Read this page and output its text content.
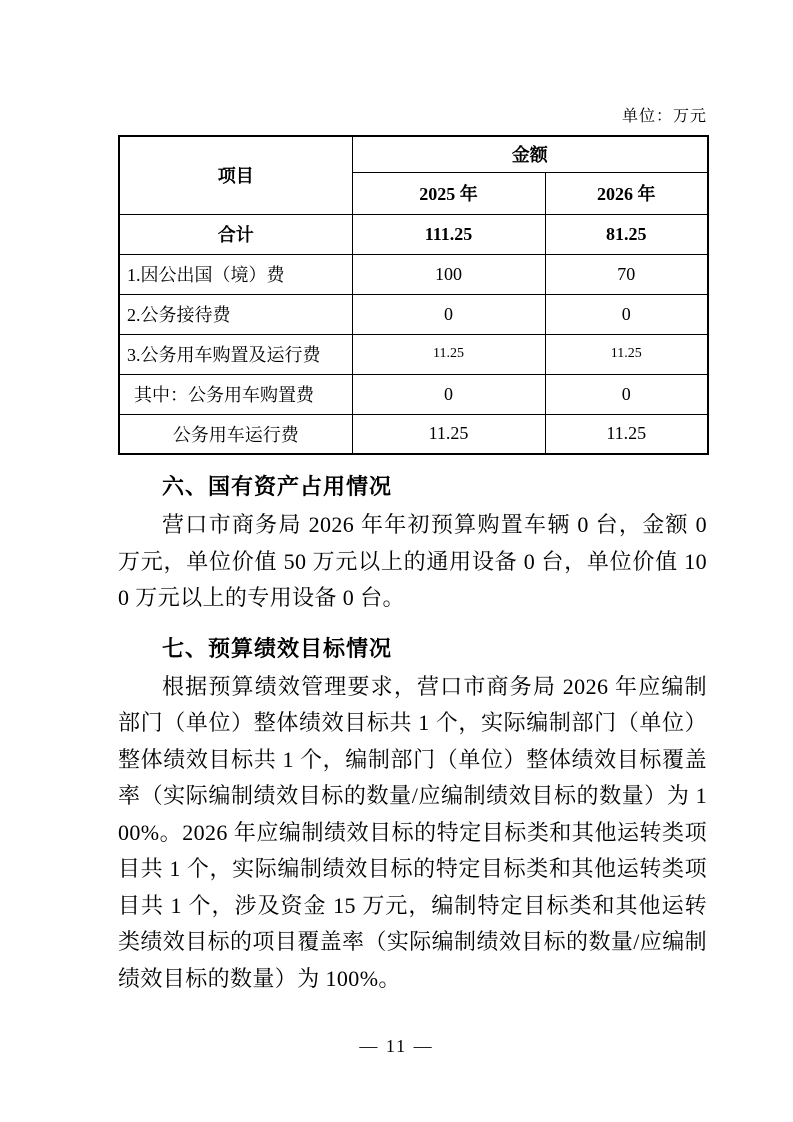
单位：万元
项目	金额	
	2025 年	2026 年
合计	111.25	81.25
1.因公出国（境）费	100	70
2.公务接待费	0	0
3.公务用车购置及运行费	11.25	11.25
其中：公务用车购置费	0	0
公务用车运行费	11.25	11.25
六、国有资产占用情况

营口市商务局 2026 年年初预算购置车辆 0 台，金额 0 万元，单位价值 50 万元以上的通用设备 0 台，单位价值 100 万元以上的专用设备 0 台。

七、预算绩效目标情况

根据预算绩效管理要求，营口市商务局 2026 年应编制部门（单位）整体绩效目标共 1 个，实际编制部门（单位）整体绩效目标共 1 个，编制部门（单位）整体绩效目标覆盖率（实际编制绩效目标的数量/应编制绩效目标的数量）为 100%。2026 年应编制绩效目标的特定目标类和其他运转类项目共 1 个，实际编制绩效目标的特定目标类和其他运转类项目共 1 个，涉及资金 15 万元，编制特定目标类和其他运转类绩效目标的项目覆盖率（实际编制绩效目标的数量/应编制绩效目标的数量）为 100%。

— 11 —
